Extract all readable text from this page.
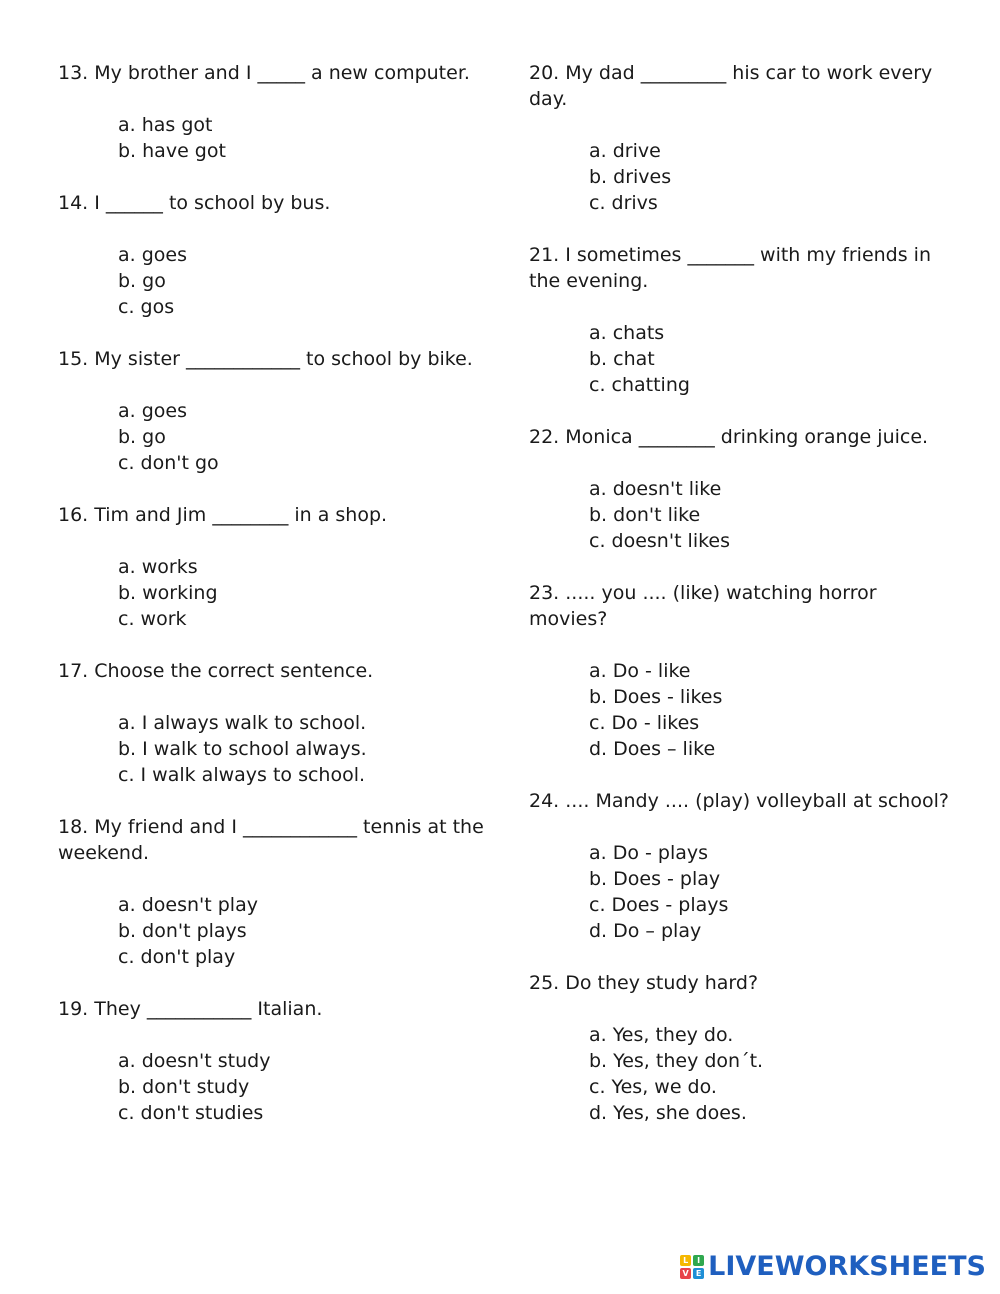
13. My brother and I _____ a new computer.
a. has got
b. have got
14. I ______ to school by bus.
a. goes
b. go
c. gos
15. My sister ____________ to school by bike.
a. goes
b. go
c. don't go
16. Tim and Jim ________ in a shop.
a. works
b. working
c. work
17. Choose the correct sentence.
a. I always walk to school.
b. I walk to school always.
c. I walk always to school.
18. My friend and I ____________ tennis at the weekend.
a. doesn't play
b. don't plays
c. don't play
19. They ___________ Italian.
a. doesn't study
b. don't study
c. don't studies
20. My dad _________ his car to work every day.
a. drive
b. drives
c. drivs
21. I sometimes _______ with my friends in the evening.
a. chats
b. chat
c. chatting
22. Monica ________ drinking orange juice.
a. doesn't like
b. don't like
c. doesn't likes
23. ..... you .... (like) watching horror movies?
a. Do - like
b. Does - likes
c. Do - likes
d. Does – like
24. .... Mandy .... (play) volleyball at school?
a. Do - plays
b. Does - play
c. Does - plays
d. Do – play
25. Do they study hard?
a. Yes, they do.
b. Yes, they don´t.
c. Yes, we do.
d. Yes, she does.
L	I
V E LIVEWORKSHEETS
